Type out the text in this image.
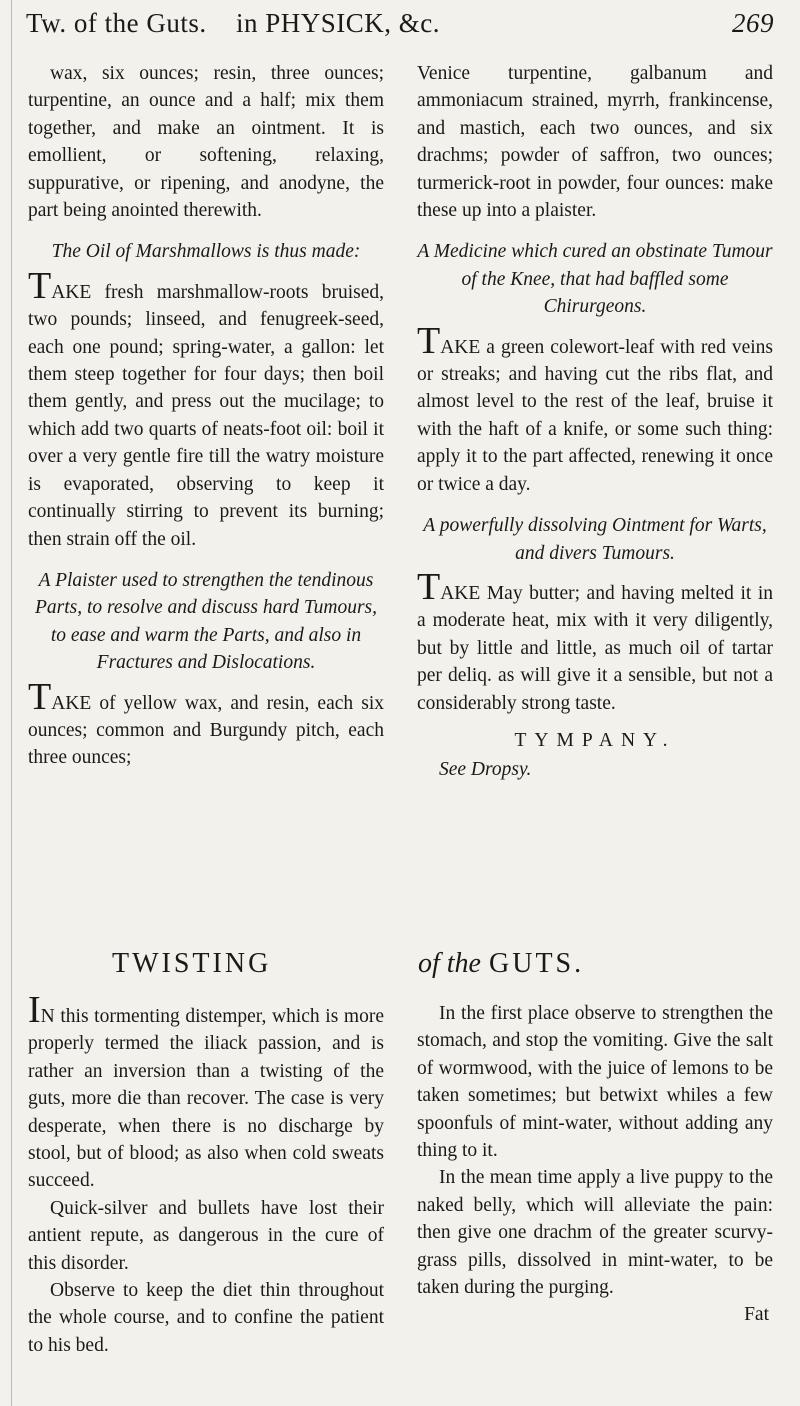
Tw. of the Guts. in PHYSICK, &c.	269

wax, six ounces; resin, three ounces; turpentine, an ounce and a half; mix them together, and make an ointment. It is emollient, or softening, relaxing, suppurative, or ripening, and anodyne, the part being anointed therewith.

The Oil of Marshmallows is thus made:

TAKE fresh marshmallow-roots bruised, two pounds; linseed, and fenugreek-seed, each one pound; spring-water, a gallon: let them steep together for four days; then boil them gently, and press out the mucilage; to which add two quarts of neats-foot oil: boil it over a very gentle fire till the watry moisture is evaporated, observing to keep it continually stirring to prevent its burning; then strain off the oil.

A Plaister used to strengthen the tendinous Parts, to resolve and discuss hard Tumours, to ease and warm the Parts, and also in Fractures and Dislocations.

TAKE of yellow wax, and resin, each six ounces; common and Burgundy pitch, each three ounces;

Venice turpentine, galbanum and ammoniacum strained, myrrh, frankincense, and mastich, each two ounces, and six drachms; powder of saffron, two ounces; turmerick-root in powder, four ounces: make these up into a plaister.

A Medicine which cured an obstinate Tumour of the Knee, that had baffled some Chirurgeons.

TAKE a green colewort-leaf with red veins or streaks; and having cut the ribs flat, and almost level to the rest of the leaf, bruise it with the haft of a knife, or some such thing: apply it to the part affected, renewing it once or twice a day.

A powerfully dissolving Ointment for Warts, and divers Tumours.

TAKE May butter; and having melted it in a moderate heat, mix with it very diligently, but by little and little, as much oil of tartar per deliq. as will give it a sensible, but not a considerably strong taste.

TYMPANY.

See Dropsy.

TWISTING	of the GUTS.

IN this tormenting distemper, which is more properly termed the iliack passion, and is rather an inversion than a twisting of the guts, more die than recover. The case is very desperate, when there is no discharge by stool, but of blood; as also when cold sweats succeed.

Quick-silver and bullets have lost their antient repute, as dangerous in the cure of this disorder.

Observe to keep the diet thin throughout the whole course, and to confine the patient to his bed.

In the first place observe to strengthen the stomach, and stop the vomiting. Give the salt of wormwood, with the juice of lemons to be taken sometimes; but betwixt whiles a few spoonfuls of mint-water, without adding any thing to it.

In the mean time apply a live puppy to the naked belly, which will alleviate the pain: then give one drachm of the greater scurvy-grass pills, dissolved in mint-water, to be taken during the purging.

Fat
